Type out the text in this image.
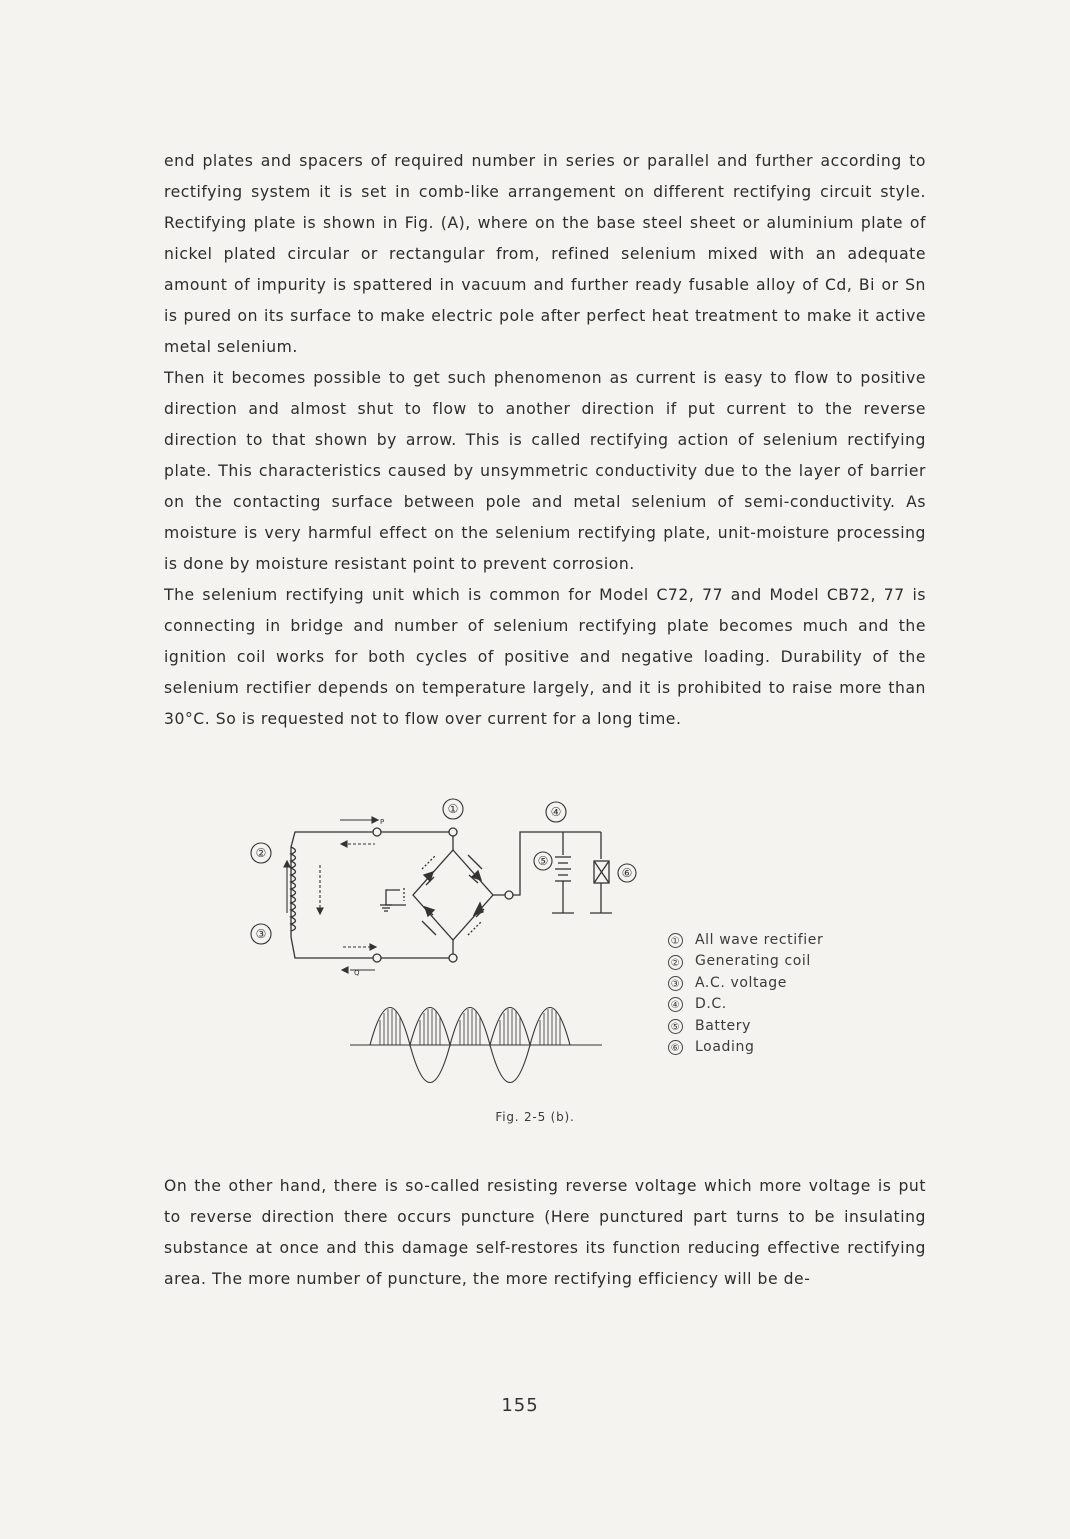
end plates and spacers of required number in series or parallel and further according to rectifying system it is set in comb-like arrangement on different rectifying circuit style. Rectifying plate is shown in Fig. (A), where on the base steel sheet or aluminium plate of nickel plated circular or rectangular from, refined selenium mixed with an adequate amount of impurity is spattered in vacuum and further ready fusable alloy of Cd, Bi or Sn is pured on its surface to make electric pole after perfect heat treatment to make it active metal selenium.

Then it becomes possible to get such phenomenon as current is easy to flow to positive direction and almost shut to flow to another direction if put current to the reverse direction to that shown by arrow. This is called rectifying action of selenium rectifying plate. This characteristics caused by unsymmetric conductivity due to the layer of barrier on the contacting surface between pole and metal selenium of semi-conductivity. As moisture is very harmful effect on the selenium rectifying plate, unit-moisture processing is done by moisture resistant point to prevent corrosion.

The selenium rectifying unit which is common for Model C72, 77 and Model CB72, 77 is connecting in bridge and number of selenium rectifying plate becomes much and the ignition coil works for both cycles of positive and negative loading. Durability of the selenium rectifier depends on temperature largely, and it is prohibited to raise more than 30°C. So is requested not to flow over current for a long time.

P
Q
①	④
②
③
⑤
⑥
① All wave rectifier
② Generating coil
③ A.C. voltage
④ D.C.
⑤ Battery
⑥ Loading
Fig. 2-5 (b).

On the other hand, there is so-called resisting reverse voltage which more voltage is put to reverse direction there occurs puncture (Here punctured part turns to be insulating substance at once and this damage self-restores its function reducing effective rectifying area. The more number of puncture, the more rectifying efficiency will be de-

155
